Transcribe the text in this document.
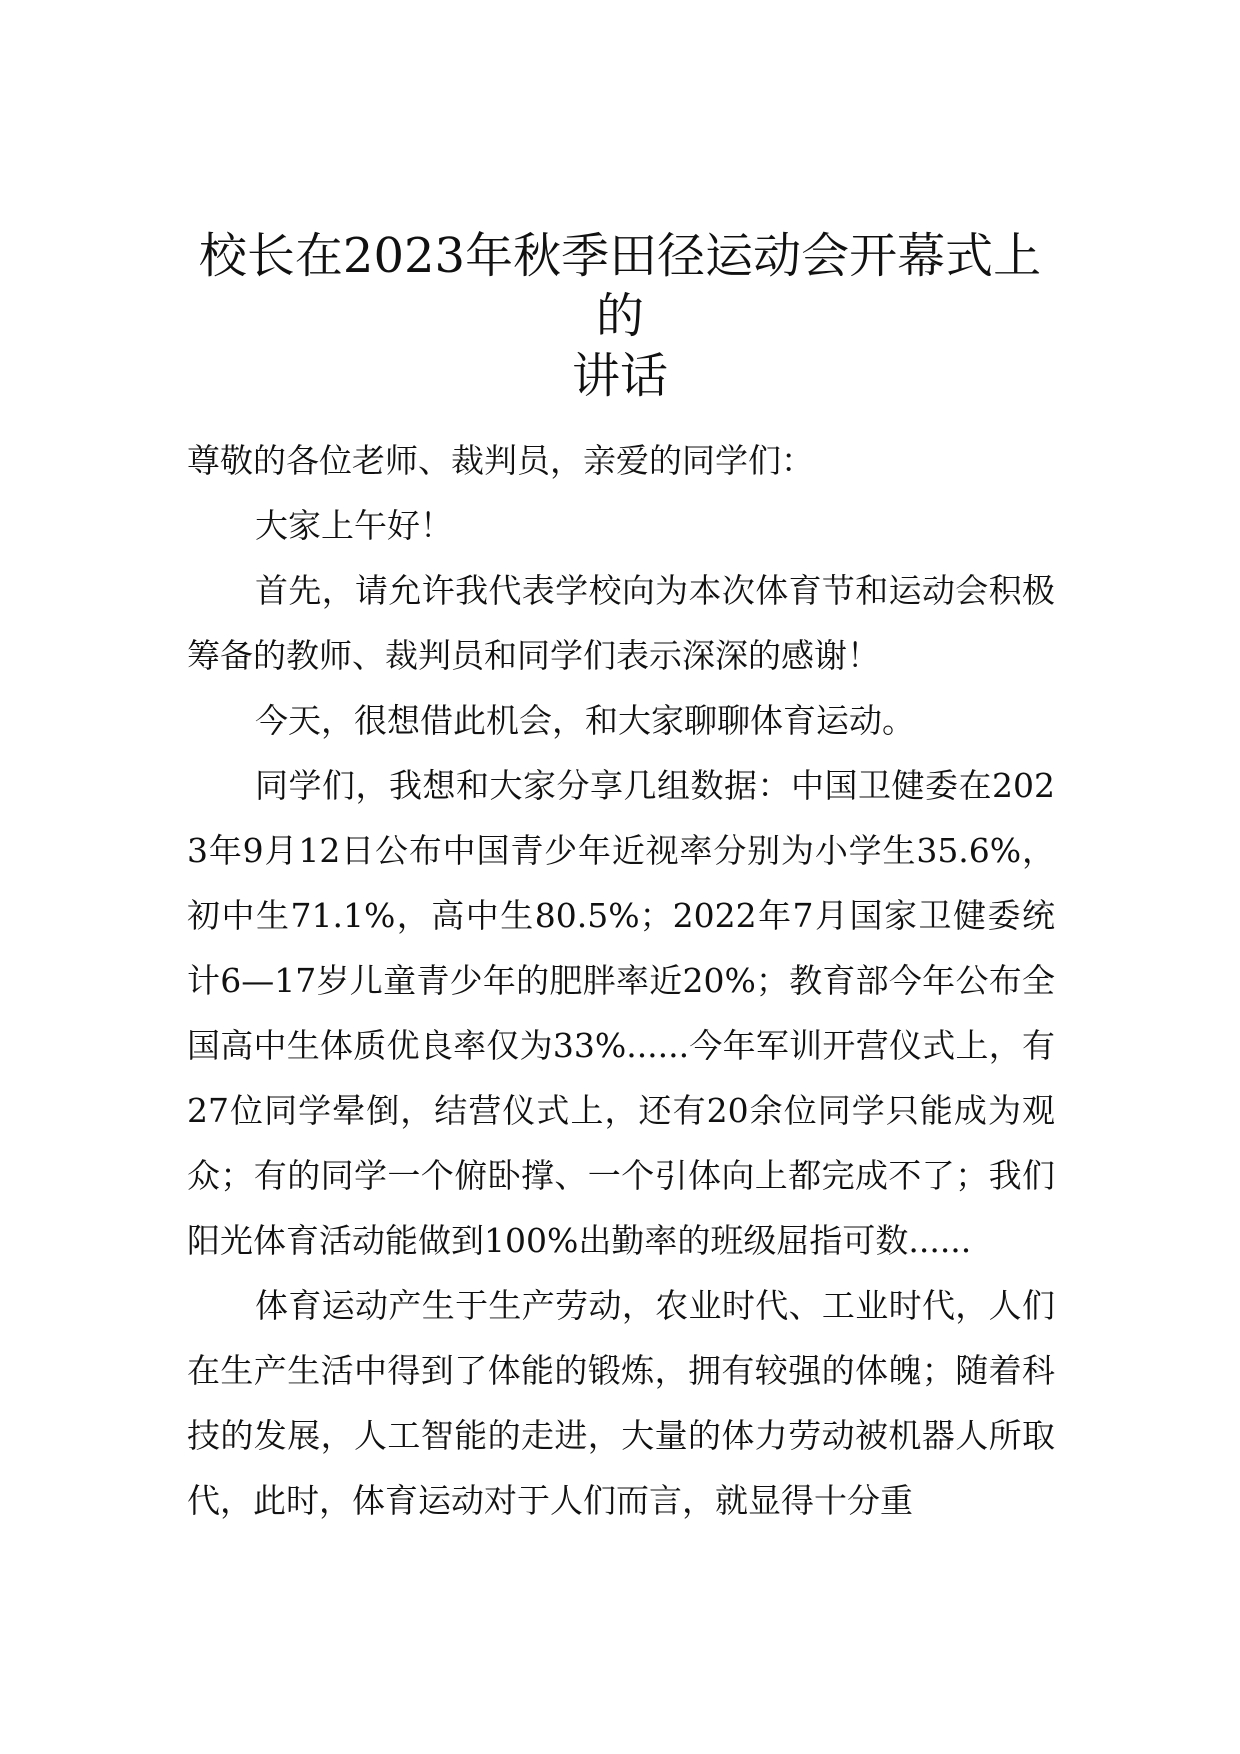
校长在2023年秋季田径运动会开幕式上的
讲话

尊敬的各位老师、裁判员，亲爱的同学们：

大家上午好！

首先，请允许我代表学校向为本次体育节和运动会积极筹备的教师、裁判员和同学们表示深深的感谢！

今天，很想借此机会，和大家聊聊体育运动。

同学们，我想和大家分享几组数据：中国卫健委在2023年9月12日公布中国青少年近视率分别为小学生35.6%，初中生71.1%，高中生80.5%；2022年7月国家卫健委统计6—17岁儿童青少年的肥胖率近20%；教育部今年公布全国高中生体质优良率仅为33%......今年军训开营仪式上，有27位同学晕倒，结营仪式上，还有20余位同学只能成为观众；有的同学一个俯卧撑、一个引体向上都完成不了；我们阳光体育活动能做到100%出勤率的班级屈指可数......

体育运动产生于生产劳动，农业时代、工业时代，人们在生产生活中得到了体能的锻炼，拥有较强的体魄；随着科技的发展，人工智能的走进，大量的体力劳动被机器人所取代，此时，体育运动对于人们而言，就显得十分重
